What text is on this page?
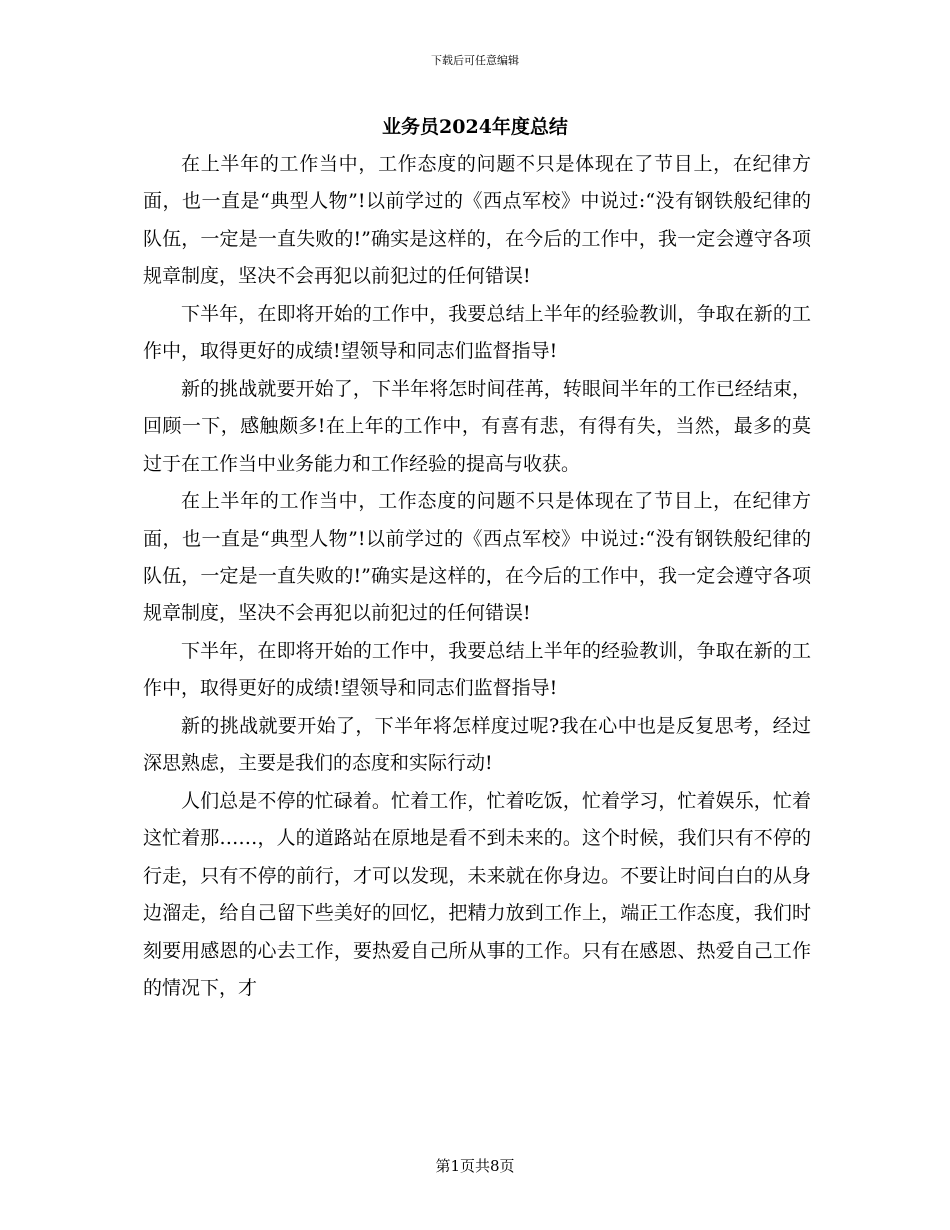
下载后可任意编辑
业务员2024年度总结

在上半年的工作当中，工作态度的问题不只是体现在了节目上，在纪律方面，也一直是“典型人物”!以前学过的《西点军校》中说过:“没有钢铁般纪律的队伍，一定是一直失败的!”确实是这样的，在今后的工作中，我一定会遵守各项规章制度，坚决不会再犯以前犯过的任何错误!

下半年，在即将开始的工作中，我要总结上半年的经验教训，争取在新的工作中，取得更好的成绩!望领导和同志们监督指导!

新的挑战就要开始了，下半年将怎时间荏苒，转眼间半年的工作已经结束，回顾一下，感触颇多!在上年的工作中，有喜有悲，有得有失，当然，最多的莫过于在工作当中业务能力和工作经验的提高与收获。

在上半年的工作当中，工作态度的问题不只是体现在了节目上，在纪律方面，也一直是“典型人物”!以前学过的《西点军校》中说过:“没有钢铁般纪律的队伍，一定是一直失败的!”确实是这样的，在今后的工作中，我一定会遵守各项规章制度，坚决不会再犯以前犯过的任何错误!

下半年，在即将开始的工作中，我要总结上半年的经验教训，争取在新的工作中，取得更好的成绩!望领导和同志们监督指导!

新的挑战就要开始了，下半年将怎样度过呢?我在心中也是反复思考，经过深思熟虑，主要是我们的态度和实际行动!

人们总是不停的忙碌着。忙着工作，忙着吃饭，忙着学习，忙着娱乐，忙着这忙着那……，人的道路站在原地是看不到未来的。这个时候，我们只有不停的行走，只有不停的前行，才可以发现，未来就在你身边。不要让时间白白的从身边溜走，给自己留下些美好的回忆，把精力放到工作上，端正工作态度，我们时刻要用感恩的心去工作，要热爱自己所从事的工作。只有在感恩、热爱自己工作的情况下，才

第1页共8页
